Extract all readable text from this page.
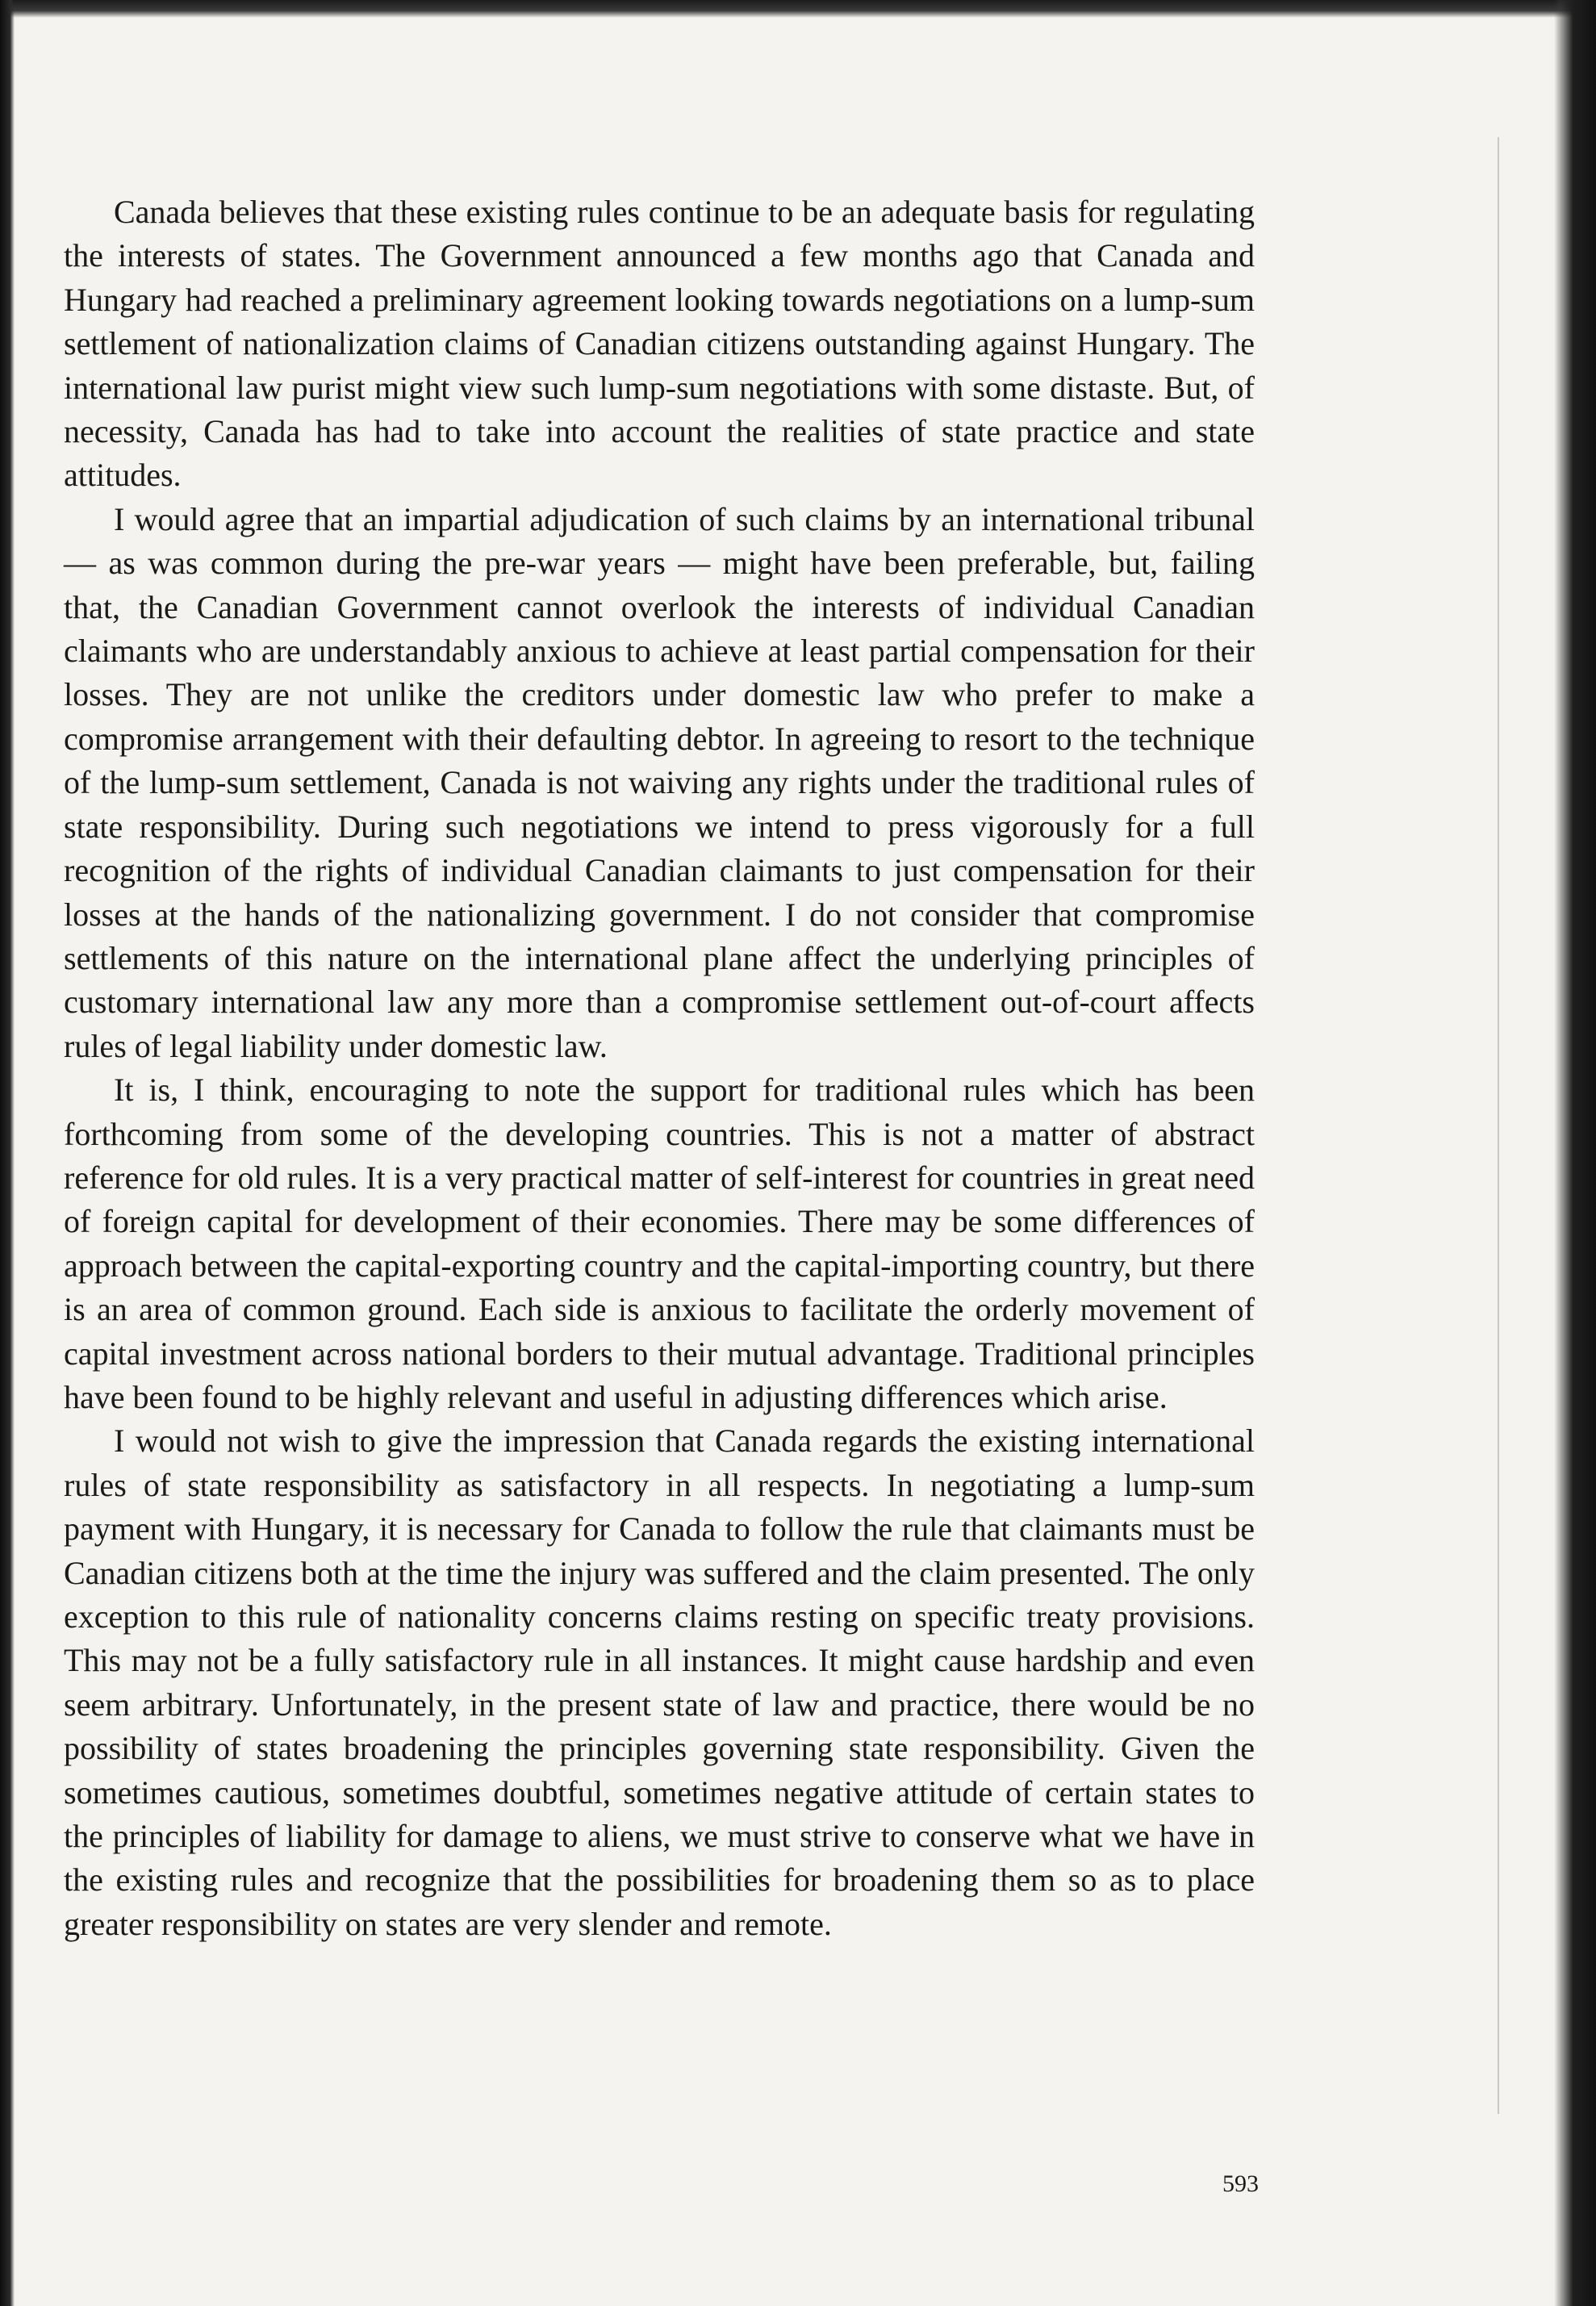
Canada believes that these existing rules continue to be an adequate basis for regulating the interests of states. The Government announced a few months ago that Canada and Hungary had reached a preliminary agreement looking towards negotiations on a lump-sum settlement of nationalization claims of Canadian citizens outstanding against Hungary. The international law purist might view such lump-sum negotiations with some distaste. But, of necessity, Canada has had to take into account the realities of state practice and state attitudes.

I would agree that an impartial adjudication of such claims by an international tribunal — as was common during the pre-war years — might have been preferable, but, failing that, the Canadian Government cannot overlook the interests of individual Canadian claimants who are understandably anxious to achieve at least partial compensation for their losses. They are not unlike the creditors under domestic law who prefer to make a compromise arrangement with their defaulting debtor. In agreeing to resort to the technique of the lump-sum settlement, Canada is not waiving any rights under the traditional rules of state responsibility. During such negotiations we intend to press vigorously for a full recognition of the rights of individual Canadian claimants to just compensation for their losses at the hands of the nationalizing government. I do not consider that compromise settlements of this nature on the international plane affect the underlying principles of customary international law any more than a compromise settlement out-of-court affects rules of legal liability under domestic law.

It is, I think, encouraging to note the support for traditional rules which has been forthcoming from some of the developing countries. This is not a matter of abstract reference for old rules. It is a very practical matter of self-interest for countries in great need of foreign capital for development of their economies. There may be some differences of approach between the capital-exporting country and the capital-importing country, but there is an area of common ground. Each side is anxious to facilitate the orderly movement of capital investment across national borders to their mutual advantage. Traditional principles have been found to be highly relevant and useful in adjusting differences which arise.

I would not wish to give the impression that Canada regards the existing international rules of state responsibility as satisfactory in all respects. In negotiating a lump-sum payment with Hungary, it is necessary for Canada to follow the rule that claimants must be Canadian citizens both at the time the injury was suffered and the claim presented. The only exception to this rule of nationality concerns claims resting on specific treaty provisions. This may not be a fully satisfactory rule in all instances. It might cause hardship and even seem arbitrary. Unfortunately, in the present state of law and practice, there would be no possibility of states broadening the principles governing state responsibility. Given the sometimes cautious, sometimes doubtful, sometimes negative attitude of certain states to the principles of liability for damage to aliens, we must strive to conserve what we have in the existing rules and recognize that the possibilities for broadening them so as to place greater responsibility on states are very slender and remote.

593
